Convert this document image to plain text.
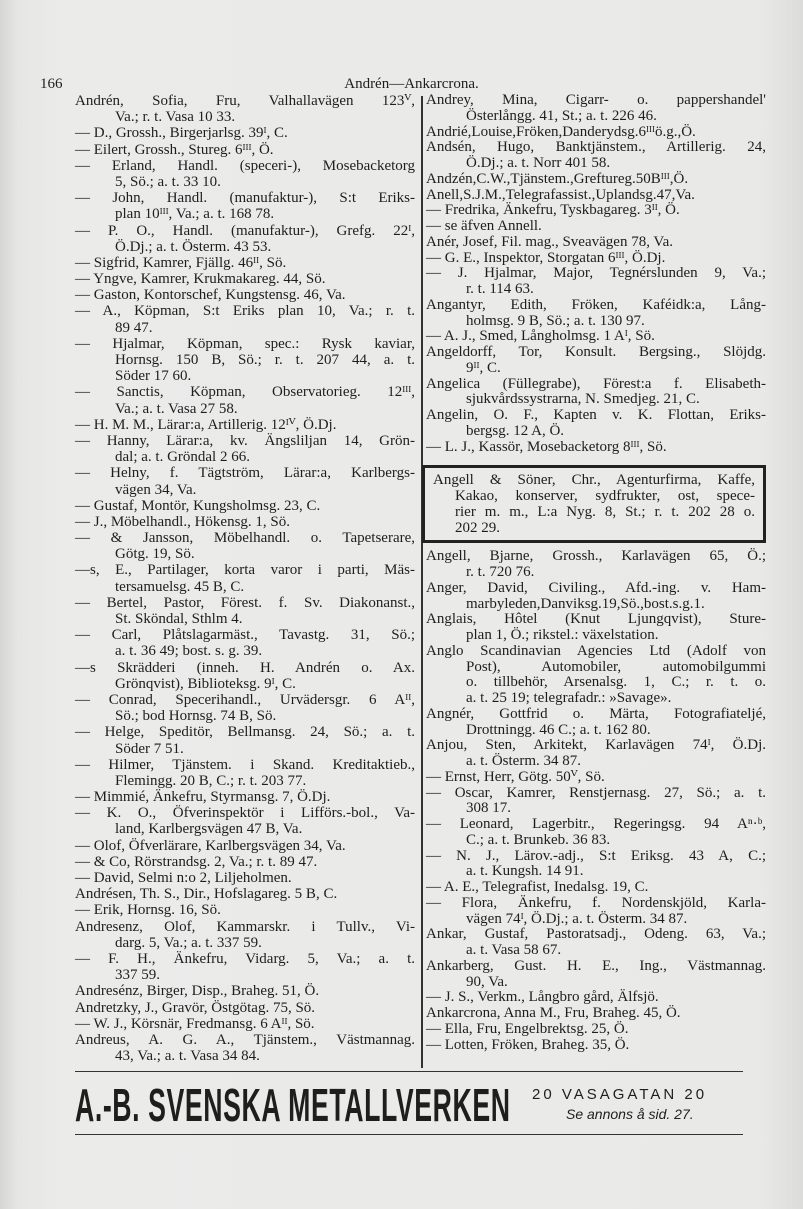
166	Andrén—Ankarcrona.
Andrén, Sofia, Fru, Valhallavägen 123ⱽ,
Va.; r. t. Vasa 10 33.
— D., Grossh., Birgerjarlsg. 39ᴵ, C.
— Eilert, Grossh., Stureg. 6ᴵᴵᴵ, Ö.
— Erland, Handl. (speceri-), Mosebacketorg
5, Sö.; a. t. 33 10.
— John, Handl. (manufaktur-), S:t Eriks-
plan 10ᴵᴵᴵ, Va.; a. t. 168 78.
— P. O., Handl. (manufaktur-), Grefg. 22ᴵ,
Ö.Dj.; a. t. Österm. 43 53.
— Sigfrid, Kamrer, Fjällg. 46ᴵᴵ, Sö.
— Yngve, Kamrer, Krukmakareg. 44, Sö.
— Gaston, Kontorschef, Kungstensg. 46, Va.
— A., Köpman, S:t Eriks plan 10, Va.; r. t.
89 47.
— Hjalmar, Köpman, spec.: Rysk kaviar,
Hornsg. 150 B, Sö.; r. t. 207 44, a. t.
Söder 17 60.
— Sanctis, Köpman, Observatorieg. 12ᴵᴵᴵ,
Va.; a. t. Vasa 27 58.
— H. M. M., Lärar:a, Artillerig. 12ᴵⱽ, Ö.Dj.
— Hanny, Lärar:a, kv. Ängsliljan 14, Grön-
dal; a. t. Gröndal 2 66.
— Helny, f. Tägtström, Lärar:a, Karlbergs-
vägen 34, Va.
— Gustaf, Montör, Kungsholmsg. 23, C.
— J., Möbelhandl., Hökensg. 1, Sö.
— & Jansson, Möbelhandl. o. Tapetserare,
Götg. 19, Sö.
—s, E., Partilager, korta varor i parti, Mäs-
tersamuelsg. 45 B, C.
— Bertel, Pastor, Förest. f. Sv. Diakonanst.,
St. Sköndal, Sthlm 4.
— Carl, Plåtslagarmäst., Tavastg. 31, Sö.;
a. t. 36 49; bost. s. g. 39.
—s Skrädderi (inneh. H. Andrén o. Ax.
Grönqvist), Biblioteksg. 9ᴵ, C.
— Conrad, Specerihandl., Urvädersgr. 6 Aᴵᴵ,
Sö.; bod Hornsg. 74 B, Sö.
— Helge, Speditör, Bellmansg. 24, Sö.; a. t.
Söder 7 51.
— Hilmer, Tjänstem. i Skand. Kreditaktieb.,
Flemingg. 20 B, C.; r. t. 203 77.
— Mimmié, Änkefru, Styrmansg. 7, Ö.Dj.
— K. O., Öfverinspektör i Lifförs.-bol., Va-
land, Karlbergsvägen 47 B, Va.
— Olof, Öfverlärare, Karlbergsvägen 34, Va.
— & Co, Rörstrandsg. 2, Va.; r. t. 89 47.
— David, Selmi n:o 2, Liljeholmen.
Andrésen, Th. S., Dir., Hofslagareg. 5 B, C.
— Erik, Hornsg. 16, Sö.
Andresenz, Olof, Kammarskr. i Tullv., Vi-
darg. 5, Va.; a. t. 337 59.
— F. H., Änkefru, Vidarg. 5, Va.; a. t.
337 59.
Andresénz, Birger, Disp., Braheg. 51, Ö.
Andretzky, J., Gravör, Östgötag. 75, Sö.
— W. J., Körsnär, Fredmansg. 6 Aᴵᴵ, Sö.
Andreus, A. G. A., Tjänstem., Västmannag.
43, Va.; a. t. Vasa 34 84.
Andrey, Mina, Cigarr- o. pappershandel'
Österlångg. 41, St.; a. t. 226 46.
Andrié,Louise,Fröken,Danderydsg.6ᴵᴵᴵö.g.,Ö.
Andsén, Hugo, Banktjänstem., Artillerig. 24,
Ö.Dj.; a. t. Norr 401 58.
Andzén,C.W.,Tjänstem.,Greftureg.50Bᴵᴵᴵ,Ö.
Anell,S.J.M.,Telegrafassist.,Uplandsg.47,Va.
— Fredrika, Änkefru, Tyskbagareg. 3ᴵᴵ, Ö.
— se äfven Annell.
Anér, Josef, Fil. mag., Sveavägen 78, Va.
— G. E., Inspektor, Storgatan 6ᴵᴵᴵ, Ö.Dj.
— J. Hjalmar, Major, Tegnérslunden 9, Va.;
r. t. 114 63.
Angantyr, Edith, Fröken, Kaféidk:a, Lång-
holmsg. 9 B, Sö.; a. t. 130 97.
— A. J., Smed, Långholmsg. 1 Aᴵ, Sö.
Angeldorff, Tor, Konsult. Bergsing., Slöjdg.
9ᴵᴵ, C.
Angelica (Füllegrabe), Förest:a f. Elisabeth-
sjukvårdssystrarna, N. Smedjeg. 21, C.
Angelin, O. F., Kapten v. K. Flottan, Eriks-
bergsg. 12 A, Ö.
— L. J., Kassör, Mosebacketorg 8ᴵᴵᴵ, Sö.
Angell & Söner, Chr., Agenturfirma, Kaffe,
Kakao, konserver, sydfrukter, ost, spece-
rier m. m., L:a Nyg. 8, St.; r. t. 202 28 o.
202 29.
Angell, Bjarne, Grossh., Karlavägen 65, Ö.;
r. t. 720 76.
Anger, David, Civiling., Afd.-ing. v. Ham-
marbyleden,Danviksg.19,Sö.,bost.s.g.1.
Anglais, Hôtel (Knut Ljungqvist), Sture-
plan 1, Ö.; rikstel.: växelstation.
Anglo Scandinavian Agencies Ltd (Adolf von
Post), Automobiler, automobilgummi
o. tillbehör, Arsenalsg. 1, C.; r. t. o.
a. t. 25 19; telegrafadr.: »Savage».
Angnér, Gottfrid o. Märta, Fotografiateljé,
Drottningg. 46 C.; a. t. 162 80.
Anjou, Sten, Arkitekt, Karlavägen 74ᴵ, Ö.Dj.
a. t. Österm. 34 87.
— Ernst, Herr, Götg. 50ⱽ, Sö.
— Oscar, Kamrer, Renstjernasg. 27, Sö.; a. t.
308 17.
— Leonard, Lagerbitr., Regeringsg. 94 Aⁿ·ᵇ,
C.; a. t. Brunkeb. 36 83.
— N. J., Lärov.-adj., S:t Eriksg. 43 A, C.;
a. t. Kungsh. 14 91.
— A. E., Telegrafist, Inedalsg. 19, C.
— Flora, Änkefru, f. Nordenskjöld, Karla-
vägen 74ᴵ, Ö.Dj.; a. t. Österm. 34 87.
Ankar, Gustaf, Pastoratsadj., Odeng. 63, Va.;
a. t. Vasa 58 67.
Ankarberg, Gust. H. E., Ing., Västmannag.
90, Va.
— J. S., Verkm., Långbro gård, Älfsjö.
Ankarcrona, Anna M., Fru, Braheg. 45, Ö.
— Ella, Fru, Engelbrektsg. 25, Ö.
— Lotten, Fröken, Braheg. 35, Ö.
A.-B. SVENSKA METALLVERKEN 20 VASAGATAN 20
Se annons å sid. 27.
